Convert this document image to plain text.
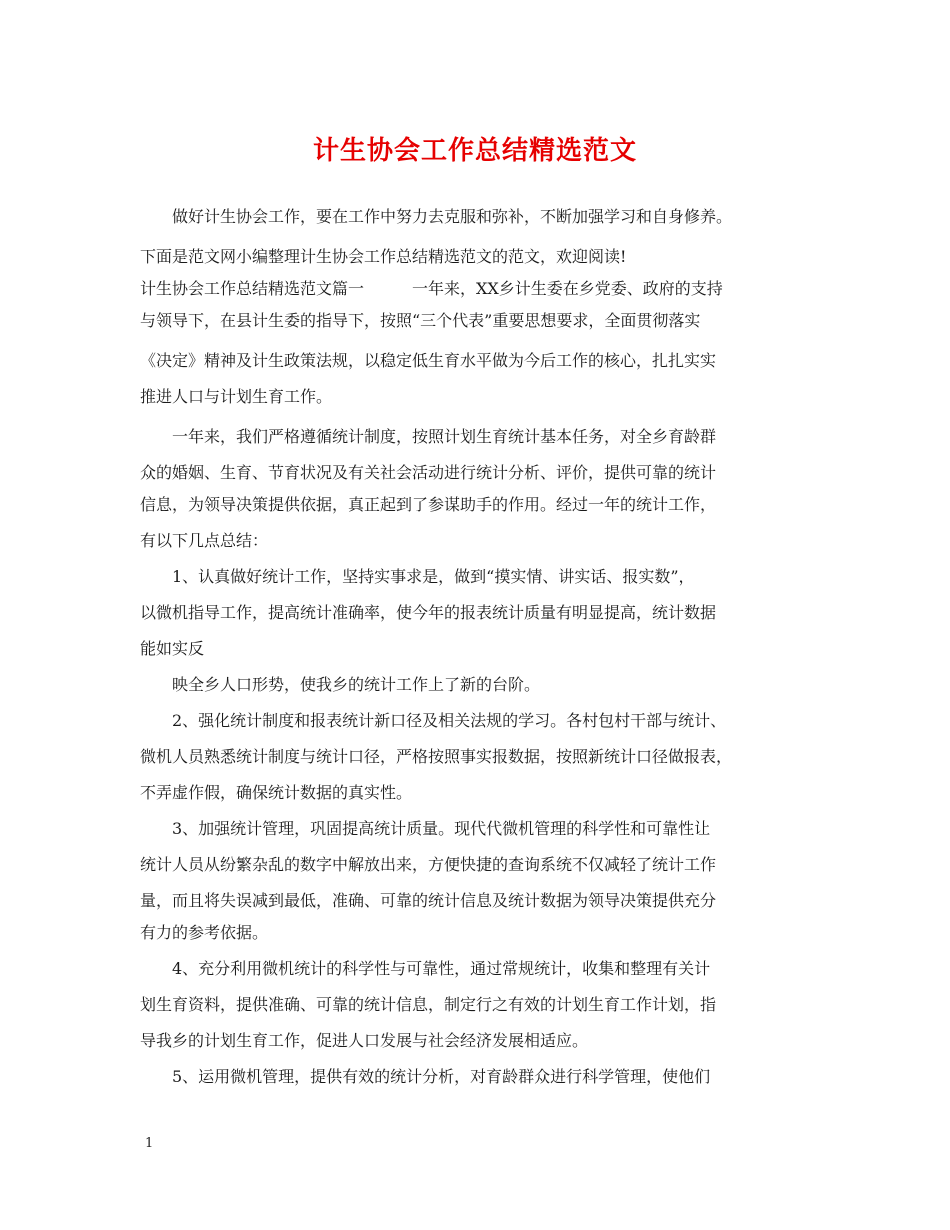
计生协会工作总结精选范文
　　做好计生协会工作，要在工作中努力去克服和弥补，不断加强学习和自身修养。
下面是范文网小编整理计生协会工作总结精选范文的范文，欢迎阅读!
计生协会工作总结精选范文篇一　　　一年来，XX乡计生委在乡党委、政府的支持
与领导下，在县计生委的指导下，按照“三个代表”重要思想要求，全面贯彻落实
《决定》精神及计生政策法规，以稳定低生育水平做为今后工作的核心，扎扎实实
推进人口与计划生育工作。
　　一年来，我们严格遵循统计制度，按照计划生育统计基本任务，对全乡育龄群
众的婚姻、生育、节育状况及有关社会活动进行统计分析、评价，提供可靠的统计
信息，为领导决策提供依据，真正起到了参谋助手的作用。经过一年的统计工作，
有以下几点总结：
　　1、认真做好统计工作，坚持实事求是，做到“摸实情、讲实话、报实数”，
以微机指导工作，提高统计准确率，使今年的报表统计质量有明显提高，统计数据
能如实反
　　映全乡人口形势，使我乡的统计工作上了新的台阶。
　　2、强化统计制度和报表统计新口径及相关法规的学习。各村包村干部与统计、
微机人员熟悉统计制度与统计口径，严格按照事实报数据，按照新统计口径做报表，
不弄虚作假，确保统计数据的真实性。
　　3、加强统计管理，巩固提高统计质量。现代代微机管理的科学性和可靠性让
统计人员从纷繁杂乱的数字中解放出来，方便快捷的查询系统不仅减轻了统计工作
量，而且将失误减到最低，准确、可靠的统计信息及统计数据为领导决策提供充分
有力的参考依据。
　　4、充分利用微机统计的科学性与可靠性，通过常规统计，收集和整理有关计
划生育资料，提供准确、可靠的统计信息，制定行之有效的计划生育工作计划，指
导我乡的计划生育工作，促进人口发展与社会经济发展相适应。
　　5、运用微机管理，提供有效的统计分析，对育龄群众进行科学管理，使他们
1
